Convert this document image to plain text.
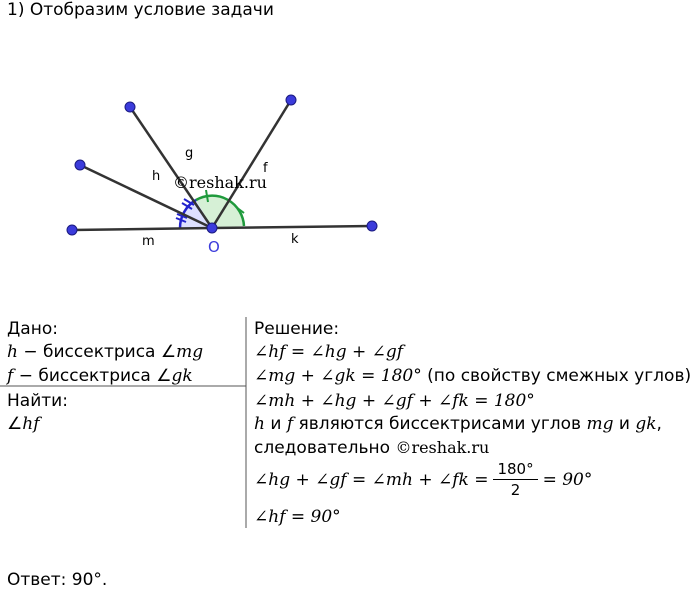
1) Отобразим условие задачи
g
h
f
m	k
O
©reshak.ru
Дано:
h − биссектриса ∠mg
f − биссектриса ∠gk
Найти:
∠hf
Решение:
∠hf = ∠hg + ∠gf
∠mg + ∠gk = 180° (по свойству смежных углов)
∠mh + ∠hg + ∠gf + ∠fk = 180°
h и f являются биссектрисами углов mg и gk,
следовательно ©reshak.ru
∠hg + ∠gf = ∠mh + ∠fk = $\frac{180^\circ}{2} = 90^\circ$
∠hf = 90°
Ответ: 90°.
